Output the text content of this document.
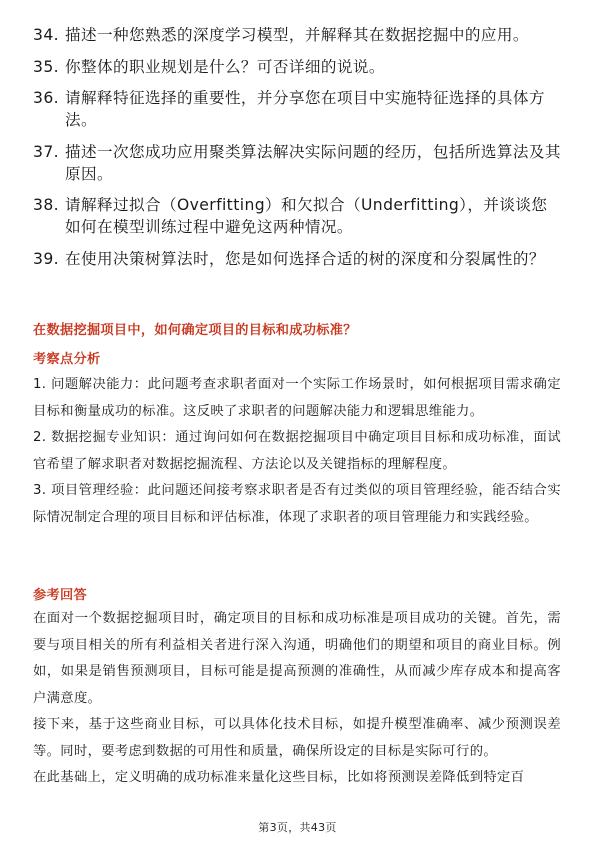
34. 描述一种您熟悉的深度学习模型，并解释其在数据挖掘中的应用。
35. 你整体的职业规划是什么？可否详细的说说。
36. 请解释特征选择的重要性，并分享您在项目中实施特征选择的具体方法。
37. 描述一次您成功应用聚类算法解决实际问题的经历，包括所选算法及其原因。
38. 请解释过拟合（Overfitting）和欠拟合（Underfitting），并谈谈您如何在模型训练过程中避免这两种情况。
39. 在使用决策树算法时，您是如何选择合适的树的深度和分裂属性的？
在数据挖掘项目中，如何确定项目的目标和成功标准？
考察点分析

1. 问题解决能力：此问题考查求职者面对一个实际工作场景时，如何根据项目需求确定目标和衡量成功的标准。这反映了求职者的问题解决能力和逻辑思维能力。

2. 数据挖掘专业知识：通过询问如何在数据挖掘项目中确定项目目标和成功标准，面试官希望了解求职者对数据挖掘流程、方法论以及关键指标的理解程度。

3. 项目管理经验：此问题还间接考察求职者是否有过类似的项目管理经验，能否结合实际情况制定合理的项目目标和评估标准，体现了求职者的项目管理能力和实践经验。

参考回答

在面对一个数据挖掘项目时，确定项目的目标和成功标准是项目成功的关键。首先，需要与项目相关的所有利益相关者进行深入沟通，明确他们的期望和项目的商业目标。例如，如果是销售预测项目，目标可能是提高预测的准确性，从而减少库存成本和提高客户满意度。

接下来，基于这些商业目标，可以具体化技术目标，如提升模型准确率、减少预测误差等。同时，要考虑到数据的可用性和质量，确保所设定的目标是实际可行的。

在此基础上，定义明确的成功标准来量化这些目标，比如将预测误差降低到特定百

第3页，共43页
